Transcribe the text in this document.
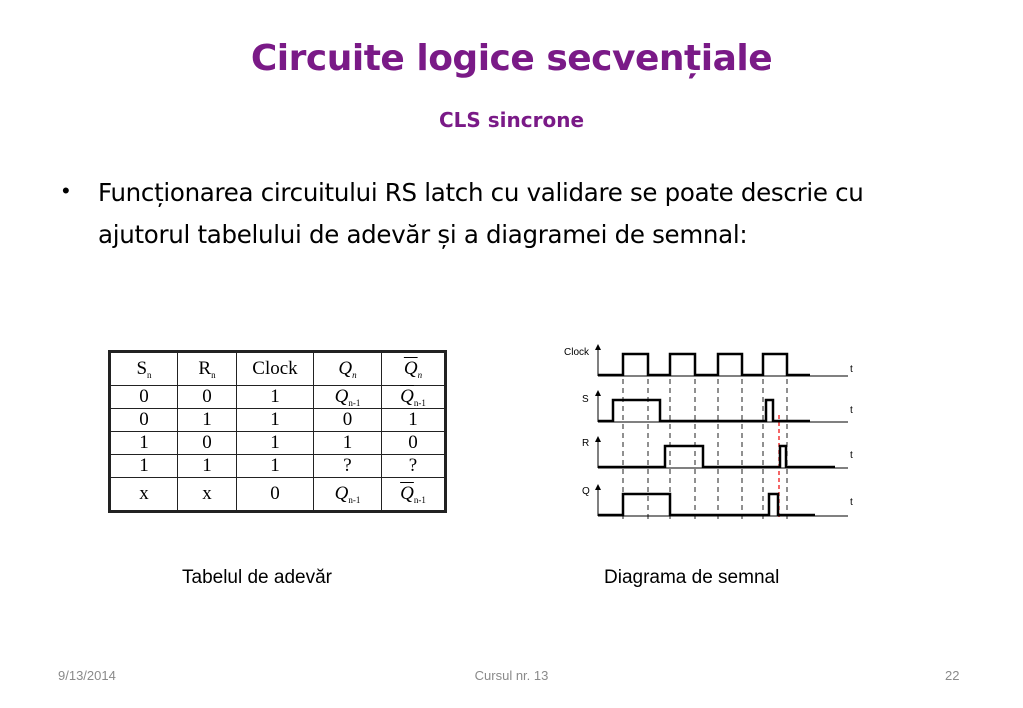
Circuite logice secvențiale
CLS sincrone
• Funcționarea circuitului RS latch cu validare se poate descrie cu ajutorul tabelului de adevăr și a diagramei de semnal:
$S_n$	$R_n$	Clock	$Q_n$	$\overline{Q}_n$
0	0	1	$Q_{n-1}$	$\overline{Q}_{n-1}$
0	1	1	0	1
1	0	1	1	0
1	1	1	?	?
x	x	0	$Q_{n-1}$	$\overline{Q}_{n-1}$
Clock
t
S
t
R
t
Q
t
Tabelul de adevăr	Diagrama de semnal
9/13/2014	Cursul nr. 13	22
